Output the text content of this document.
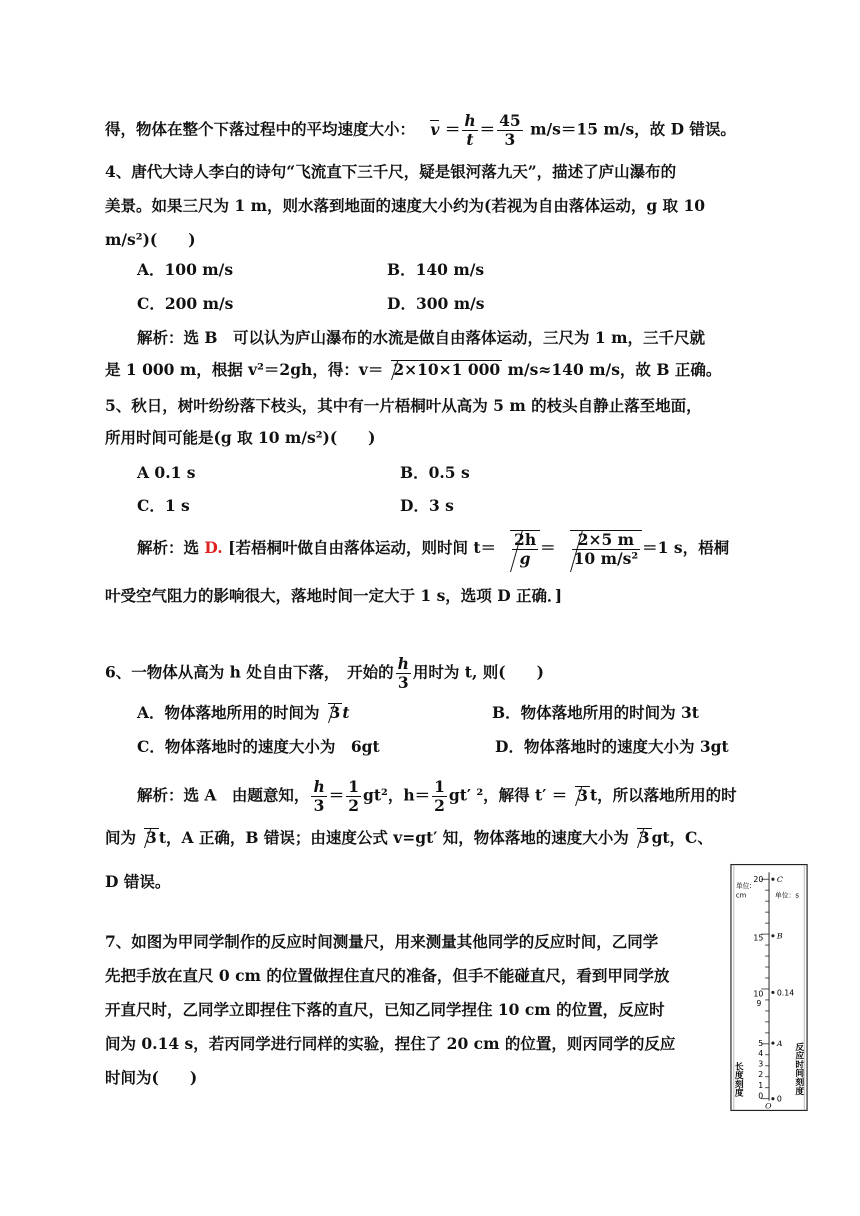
得，物体在整个下落过程中的平均速度大小： $v = \frac{h}{t} = \frac{45}{3} m/s=15$ m/s，故 D 错误。
4、唐代大诗人李白的诗句“飞流直下三千尺，疑是银河落九天”，描述了庐山瀑布的
美景。如果三尺为 1 m，则水落到地面的速度大小约为(若视为自由落体运动，g 取 10
m/s²)(　　)
A．100 m/s	B．140 m/s
C．200 m/s	D．300 m/s
解析：选 B　可以认为庐山瀑布的水流是做自由落体运动，三尺为 1 m，三千尺就
是 1 000 m，根据 v²＝2gh，得：v＝ 2×10×1 000 m/s≈140 m/s，故 B 正确。
5、秋日，树叶纷纷落下枝头，其中有一片梧桐叶从高为 5 m 的枝头自静止落至地面，
所用时间可能是(g 取 10 m/s²)(　　)
A 0.1 s	B．0.5 s
C．1 s	D．3 s
解析：选 D. [若梧桐叶做自由落体运动，则时间 $t= \frac{2h}{g} = \frac{2\times 5 m}{\text{10 m/s²}} =1$ s，梧桐
叶受空气阻力的影响很大，落地时间一定大于 1 s，选项 D 正确．]
6、一物体从高为 h 处自由下落，　开始的 $\frac{h}{3}$ 用时为 t, 则(　　)
A．物体落地所用的时间为 3 t	B．物体落地所用的时间为 3t
C．物体落地时的速度大小为　6gt	D．物体落地时的速度大小为 3gt
解析：选 A　由题意知， $\frac{h}{3} = \frac{1}{2} gt^2$，$h= \frac{1}{2} gt'$ ²，解得 t′ ＝ 3 t，所以落地所用的时
间为 3 t，A 正确，B 错误；由速度公式 v=gt′ 知，物体落地的速度大小为 3 gt，C、
D 错误。
7、如图为甲同学制作的反应时间测量尺，用来测量其他同学的反应时间，乙同学
先把手放在直尺 0 cm 的位置做捏住直尺的准备，但手不能碰直尺，看到甲同学放
开直尺时，乙同学立即捏住下落的直尺，已知乙同学捏住 10 cm 的位置，反应时
间为 0.14 s，若丙同学进行同样的实验，捏住了 20 cm 的位置，则丙同学的反应
时间为(　　)
单位:
cm	单位：s
20
15
10
9
5
4
3
2
1
0
C
B
0.14
A
0
O
长度刻度	反应时间刻度
